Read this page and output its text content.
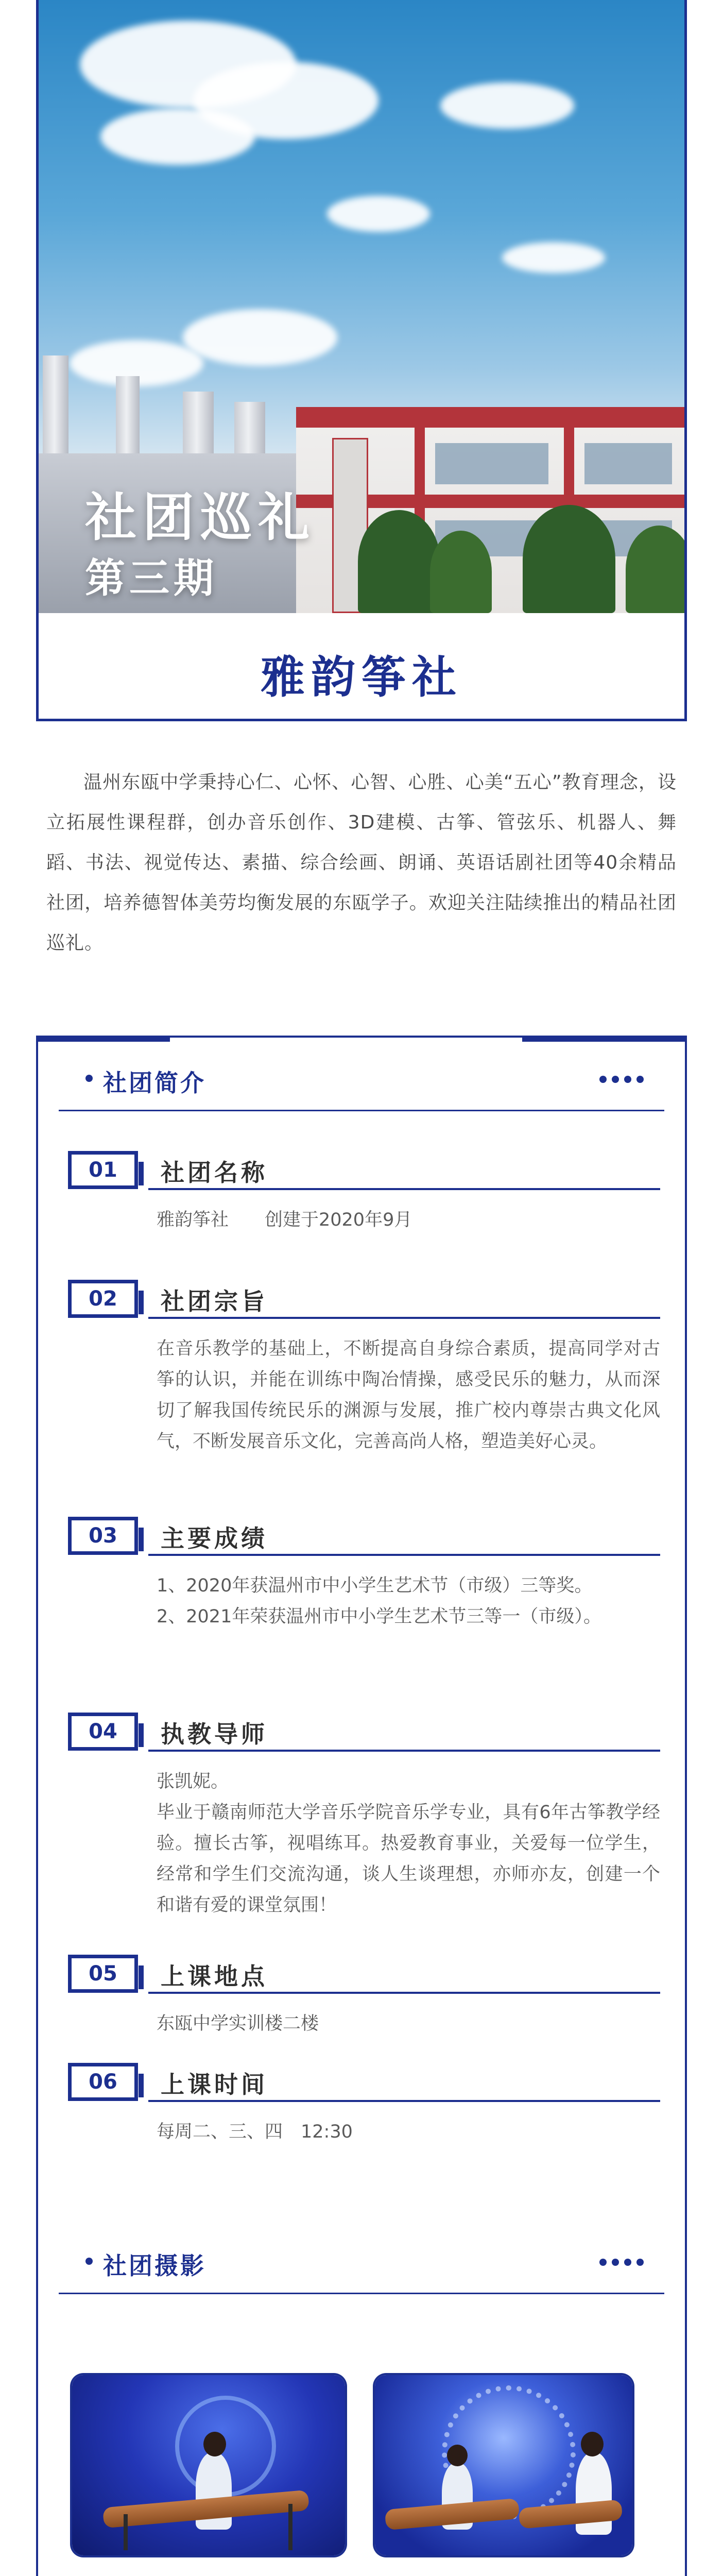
社团巡礼
第三期
雅韵筝社
温州东瓯中学秉持心仁、心怀、心智、心胜、心美“五心”教育理念，设立拓展性课程群，创办音乐创作、3D建模、古筝、管弦乐、机器人、舞蹈、书法、视觉传达、素描、综合绘画、朗诵、英语话剧社团等40余精品社团，培养德智体美劳均衡发展的东瓯学子。欢迎关注陆续推出的精品社团巡礼。
社团简介
01	社团名称
雅韵筝社　　创建于2020年9月
02	社团宗旨
在音乐教学的基础上，不断提高自身综合素质，提高同学对古筝的认识，并能在训练中陶冶情操，感受民乐的魅力，从而深切了解我国传统民乐的渊源与发展，推广校内尊崇古典文化风气，不断发展音乐文化，完善高尚人格，塑造美好心灵。
03	主要成绩
1、2020年获温州市中小学生艺术节（市级）三等奖。
2、2021年荣获温州市中小学生艺术节三等一（市级）。
04	执教导师
张凯妮。
毕业于赣南师范大学音乐学院音乐学专业，具有6年古筝教学经验。擅长古筝，视唱练耳。热爱教育事业，关爱每一位学生，经常和学生们交流沟通，谈人生谈理想，亦师亦友，创建一个和谐有爱的课堂氛围！
05	上课地点
东瓯中学实训楼二楼
06	上课时间
每周二、三、四　12:30
社团摄影
